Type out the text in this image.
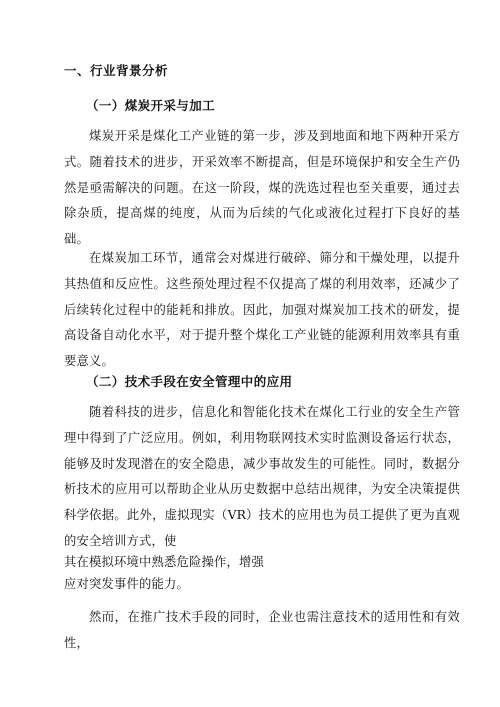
一、行业背景分析
（一）煤炭开采与加工
煤炭开采是煤化工产业链的第一步，涉及到地面和地下两种开采方式。随着技术的进步，开采效率不断提高，但是环境保护和安全生产仍然是亟需解决的问题。在这一阶段，煤的洗选过程也至关重要，通过去除杂质，提高煤的纯度，从而为后续的气化或液化过程打下良好的基础。
在煤炭加工环节，通常会对煤进行破碎、筛分和干燥处理，以提升其热值和反应性。这些预处理过程不仅提高了煤的利用效率，还减少了后续转化过程中的能耗和排放。因此，加强对煤炭加工技术的研发，提高设备自动化水平，对于提升整个煤化工产业链的能源利用效率具有重要意义。
（二）技术手段在安全管理中的应用
随着科技的进步，信息化和智能化技术在煤化工行业的安全生产管理中得到了广泛应用。例如，利用物联网技术实时监测设备运行状态，能够及时发现潜在的安全隐患，减少事故发生的可能性。同时，数据分析技术的应用可以帮助企业从历史数据中总结出规律，为安全决策提供科学依据。此外，虚拟现实（VR）技术的应用也为员工提供了更为直观的安全培训方式，使
其在模拟环境中熟悉危险操作，增强
应对突发事件的能力。
然而，在推广技术手段的同时，企业也需注意技术的适用性和有效性，
